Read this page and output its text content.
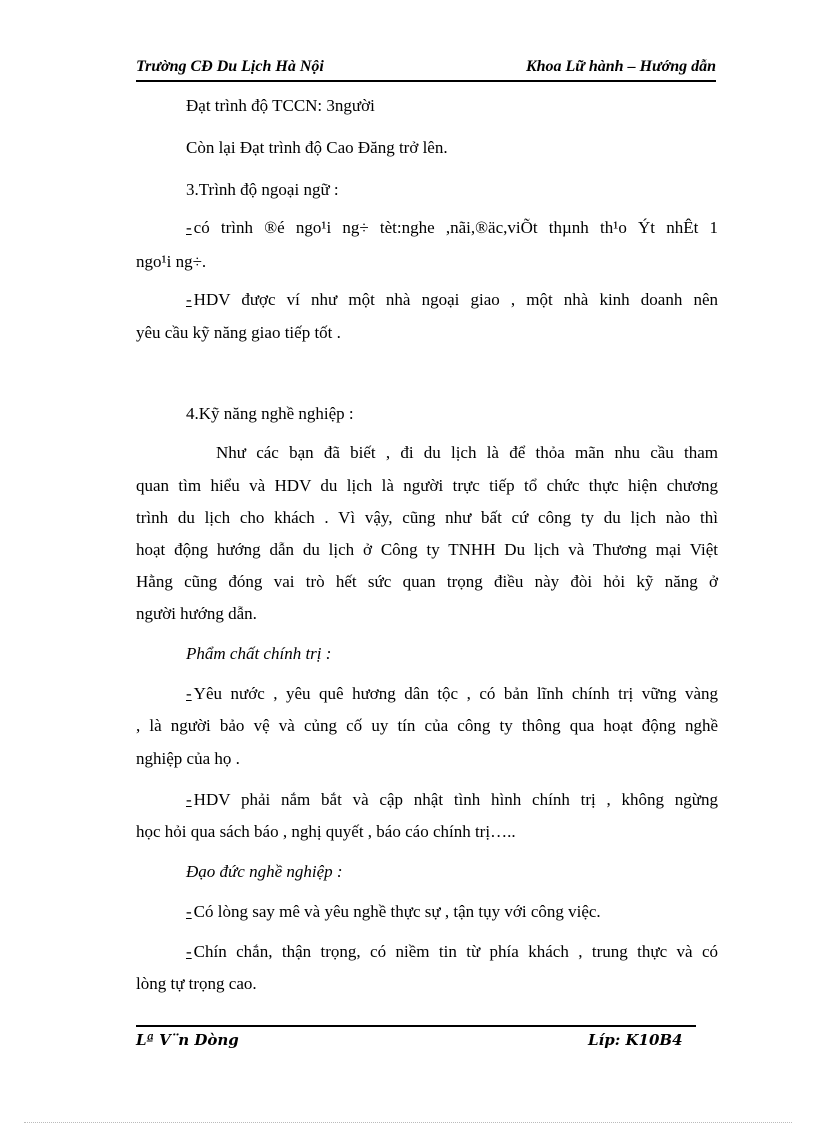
Trường CĐ Du Lịch Hà Nội	Khoa Lữ hành – Hướng dẫn
Đạt trình độ TCCN: 3người
Còn lại Đạt trình độ Cao Đăng trở lên.
3.Trình độ ngoại ngữ :
- có trình ®é ngo¹i ng÷ tèt:nghe ,nãi,®äc,viÕt thµnh th¹o Ýt nhÊt 1
ngo¹i ng÷.
- HDV được ví như một nhà ngoại giao , một nhà kinh doanh nên
yêu cầu kỹ năng giao tiếp tốt .
4.Kỹ năng nghề nghiệp :
Như các bạn đã biết , đi du lịch là để thỏa mãn nhu cầu tham
quan tìm hiểu và HDV du lịch là người trực tiếp tổ chức thực hiện chương
trình du lịch cho khách . Vì vậy, cũng như bất cứ công ty du lịch nào thì
hoạt động hướng dẫn du lịch ở Công ty TNHH Du lịch và Thương mại Việt
Hằng cũng đóng vai trò hết sức quan trọng điều này đòi hỏi kỹ năng ở
người hướng dẫn.
Phẩm chất chính trị :
- Yêu nước , yêu quê hương dân tộc , có bản lĩnh chính trị vững vàng
, là người bảo vệ và củng cố uy tín của công ty thông qua hoạt động nghề
nghiệp của họ .
- HDV phải nắm bắt và cập nhật tình hình chính trị , không ngừng
học hỏi qua sách báo , nghị quyết , báo cáo chính trị…..
Đạo đức nghề nghiệp :
- Có lòng say mê và yêu nghề thực sự , tận tụy với công việc.
- Chín chắn, thận trọng, có niềm tin từ phía khách , trung thực và có
lòng tự trọng cao.
Lª V¨n Dòng	Líp: K10B4
